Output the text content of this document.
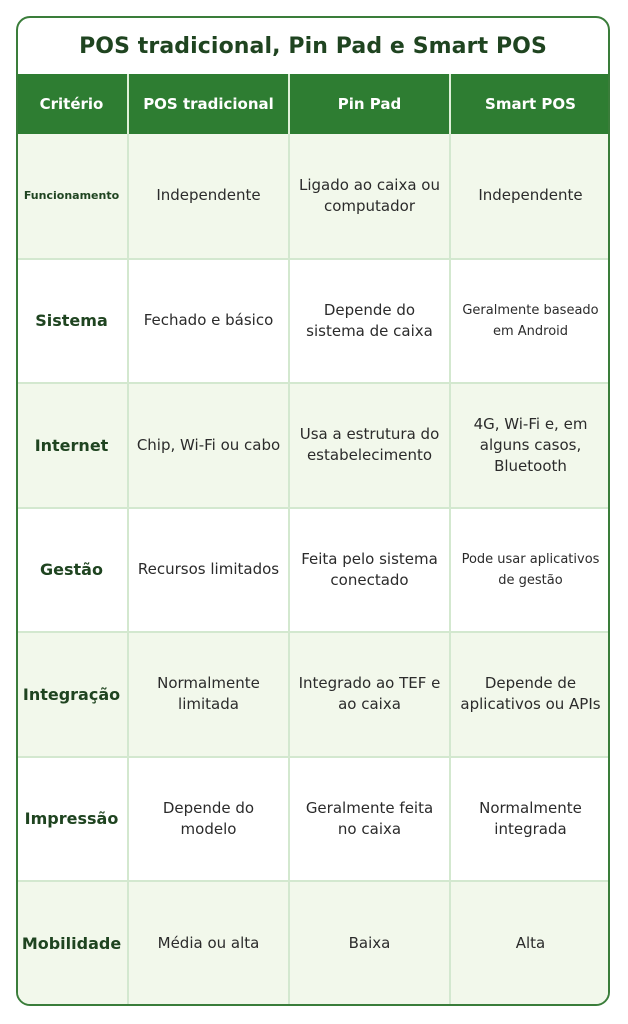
POS tradicional, Pin Pad e Smart POS
Critério	POS tradicional	Pin Pad	Smart POS
Funcionamento	Independente	Ligado ao caixa ou computador	Independente
Sistema	Fechado e básico	Depende do sistema de caixa	Geralmente baseado em Android
Internet	Chip, Wi-Fi ou cabo	Usa a estrutura do estabelecimento	4G, Wi-Fi e, em alguns casos, Bluetooth
Gestão	Recursos limitados	Feita pelo sistema conectado	Pode usar aplicativos de gestão
Integração	Normalmente limitada	Integrado ao TEF e ao caixa	Depende de aplicativos ou APIs
Impressão	Depende do modelo	Geralmente feita no caixa	Normalmente integrada
Mobilidade	Média ou alta	Baixa	Alta
